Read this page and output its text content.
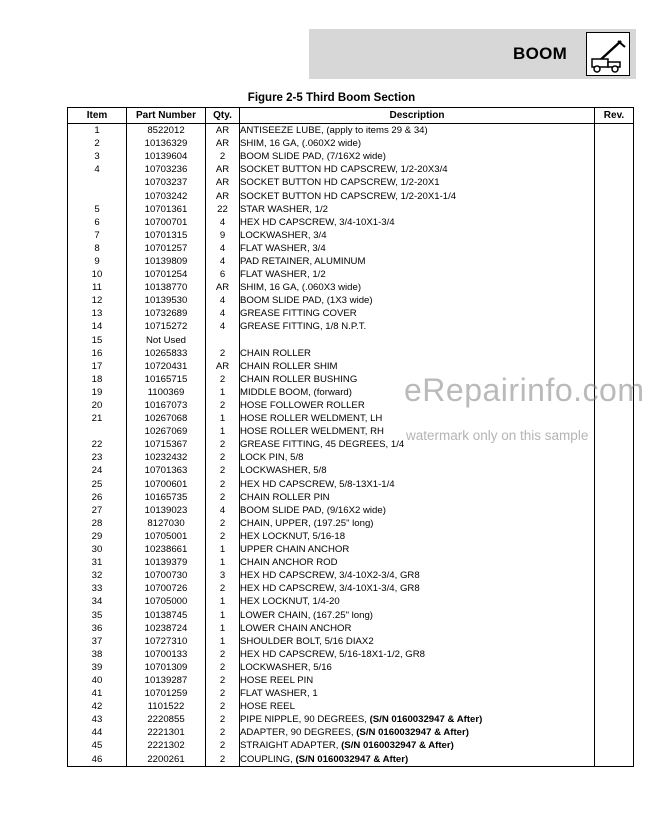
BOOM
Figure 2-5 Third Boom Section
Item	Part Number	Qty.	Description	Rev.
1	8522012	AR	ANTISEEZE LUBE, (apply to items 29 & 34)	
2	10136329	AR	SHIM, 16 GA, (.060X2 wide)	
3	10139604	2	BOOM SLIDE PAD, (7/16X2 wide)	
4	10703236	AR	SOCKET BUTTON HD CAPSCREW, 1/2-20X3/4	
	10703237	AR	SOCKET BUTTON HD CAPSCREW, 1/2-20X1	
	10703242	AR	SOCKET BUTTON HD CAPSCREW, 1/2-20X1-1/4	
5	10701361	22	STAR WASHER, 1/2	
6	10700701	4	HEX HD CAPSCREW, 3/4-10X1-3/4	
7	10701315	9	LOCKWASHER, 3/4	
8	10701257	4	FLAT WASHER, 3/4	
9	10139809	4	PAD RETAINER, ALUMINUM	
10	10701254	6	FLAT WASHER, 1/2	
11	10138770	AR	SHIM, 16 GA, (.060X3 wide)	
12	10139530	4	BOOM SLIDE PAD, (1X3 wide)	
13	10732689	4	GREASE FITTING COVER	
14	10715272	4	GREASE FITTING, 1/8 N.P.T.	
15	Not Used			
16	10265833	2	CHAIN ROLLER	
17	10720431	AR	CHAIN ROLLER SHIM	
18	10165715	2	CHAIN ROLLER BUSHING	
19	1100369	1	MIDDLE BOOM, (forward)	
20	10167073	2	HOSE FOLLOWER ROLLER	
21	10267068	1	HOSE ROLLER WELDMENT, LH	
	10267069	1	HOSE ROLLER WELDMENT, RH	
22	10715367	2	GREASE FITTING, 45 DEGREES, 1/4	
23	10232432	2	LOCK PIN, 5/8	
24	10701363	2	LOCKWASHER, 5/8	
25	10700601	2	HEX HD CAPSCREW, 5/8-13X1-1/4	
26	10165735	2	CHAIN ROLLER PIN	
27	10139023	4	BOOM SLIDE PAD, (9/16X2 wide)	
28	8127030	2	CHAIN, UPPER, (197.25" long)	
29	10705001	2	HEX LOCKNUT, 5/16-18	
30	10238661	1	UPPER CHAIN ANCHOR	
31	10139379	1	CHAIN ANCHOR ROD	
32	10700730	3	HEX HD CAPSCREW, 3/4-10X2-3/4, GR8	
33	10700726	2	HEX HD CAPSCREW, 3/4-10X1-3/4, GR8	
34	10705000	1	HEX LOCKNUT, 1/4-20	
35	10138745	1	LOWER CHAIN, (167.25" long)	
36	10238724	1	LOWER CHAIN ANCHOR	
37	10727310	1	SHOULDER BOLT, 5/16 DIAX2	
38	10700133	2	HEX HD CAPSCREW, 5/16-18X1-1/2, GR8	
39	10701309	2	LOCKWASHER, 5/16	
40	10139287	2	HOSE REEL PIN	
41	10701259	2	FLAT WASHER, 1	
42	1101522	2	HOSE REEL	
43	2220855	2	PIPE NIPPLE, 90 DEGREES, (S/N 0160032947 & After)	
44	2221301	2	ADAPTER, 90 DEGREES, (S/N 0160032947 & After)	
45	2221302	2	STRAIGHT ADAPTER, (S/N 0160032947 & After)	
46	2200261	2	COUPLING, (S/N 0160032947 & After)	
eRepairinfo.com
watermark only on this sample
